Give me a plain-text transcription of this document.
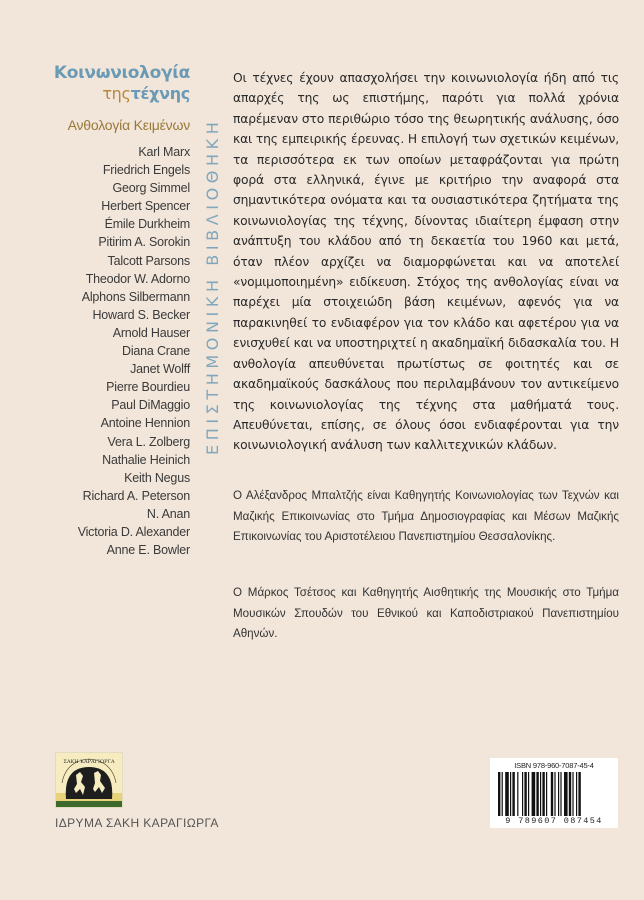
Κοινωνιολογία
τηςτέχνης
Ανθολογία Κειμένων
Karl Marx
Friedrich Engels
Georg Simmel
Herbert Spencer
Émile Durkheim
Pitirim A. Sorokin
Talcott Parsons
Theodor W. Adorno
Alphons Silbermann
Howard S. Becker
Arnold Hauser
Diana Crane
Janet Wolff
Pierre Bourdieu
Paul DiMaggio
Antoine Hennion
Vera L. Zolberg
Nathalie Heinich
Keith Negus
Richard A. Peterson
N. Anan
Victoria D. Alexander
Anne E. Bowler
ΕΠΙΣΤΗΜΟΝΙΚΗ ΒΙΒΛΙΟΘΗΚΗ

Οι τέχνες έχουν απασχολήσει την κοινωνιολογία ήδη από τις απαρχές της ως επιστήμης, παρότι για πολλά χρόνια παρέμεναν στο περιθώριο τόσο της θεωρητικής ανάλυσης, όσο και της εμπειρικής έρευνας. Η επιλογή των σχετικών κειμένων, τα περισσότερα εκ των οποίων μεταφράζονται για πρώτη φορά στα ελληνικά, έγινε με κριτήριο την αναφορά στα σημαντικότερα ονόματα και τα ουσιαστικότερα ζητήματα της κοινωνιολογίας της τέχνης, δίνοντας ιδιαίτερη έμφαση στην ανάπτυξη του κλάδου από τη δεκαετία του 1960 και μετά, όταν πλέον αρχίζει να διαμορφώνεται και να αποτελεί «νομιμοποιημένη» ειδίκευση. Στόχος της ανθολογίας είναι να παρέχει μία στοιχειώδη βάση κειμένων, αφενός για να παρακινηθεί το ενδιαφέρον για τον κλάδο και αφετέρου για να ενισχυθεί και να υποστηριχτεί η ακαδημαϊκή διδασκαλία του. Η ανθολογία απευθύνεται πρωτίστως σε φοιτητές και σε ακαδημαϊκούς δασκάλους που περιλαμβάνουν τον αντικείμενο της κοινωνιολογίας της τέχνης στα μαθήματά τους. Απευθύνεται, επίσης, σε όλους όσοι ενδιαφέρονται για την κοινωνιολογική ανάλυση των καλλιτεχνικών κλάδων.

Ο Αλέξανδρος Μπαλτζής είναι Καθηγητής Κοινωνιολογίας των Τεχνών και Μαζικής Επικοινωνίας στο Τμήμα Δημοσιογραφίας και Μέσων Μαζικής Επικοινωνίας του Αριστοτέλειου Πανεπιστημίου Θεσσαλονίκης.

Ο Μάρκος Τσέτσος και Καθηγητής Αισθητικής της Μουσικής στο Τμήμα Μουσικών Σπουδών του Εθνικού και Καποδιστριακού Πανεπιστημίου Αθηνών.

ΣΑΚΗ ΚΑΡΑΓΙΩΡΓΑ
ΙΔΡΥΜΑ ΣΑΚΗ ΚΑΡΑΓΙΩΡΓΑ
ISBN 978-960-7087-45-4
9 789607 087454
